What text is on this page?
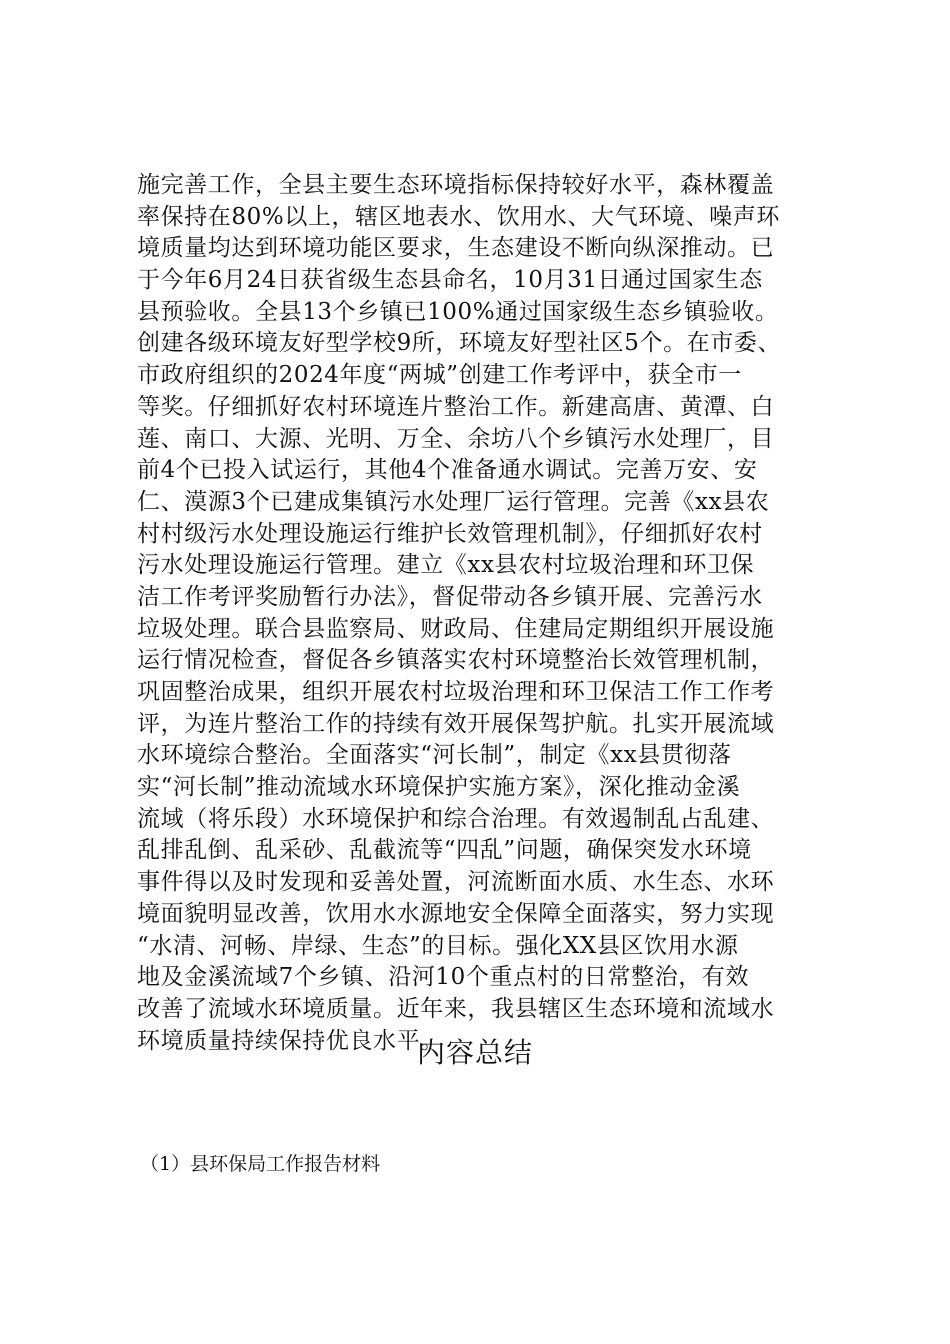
施完善工作，全县主要生态环境指标保持较好水平，森林覆盖
率保持在80%以上，辖区地表水、饮用水、大气环境、噪声环
境质量均达到环境功能区要求，生态建设不断向纵深推动。已
于今年6月24日获省级生态县命名，10月31日通过国家生态
县预验收。全县13个乡镇已100%通过国家级生态乡镇验收。
创建各级环境友好型学校9所，环境友好型社区5个。在市委、
市政府组织的2024年度“两城”创建工作考评中，获全市一
等奖。仔细抓好农村环境连片整治工作。新建高唐、黄潭、白
莲、南口、大源、光明、万全、余坊八个乡镇污水处理厂，目
前4个已投入试运行，其他4个准备通水调试。完善万安、安
仁、漠源3个已建成集镇污水处理厂运行管理。完善《xx县农
村村级污水处理设施运行维护长效管理机制》，仔细抓好农村
污水处理设施运行管理。建立《xx县农村垃圾治理和环卫保
洁工作考评奖励暂行办法》，督促带动各乡镇开展、完善污水
垃圾处理。联合县监察局、财政局、住建局定期组织开展设施
运行情况检查，督促各乡镇落实农村环境整治长效管理机制，
巩固整治成果，组织开展农村垃圾治理和环卫保洁工作工作考
评，为连片整治工作的持续有效开展保驾护航。扎实开展流域
水环境综合整治。全面落实“河长制”，制定《xx县贯彻落
实“河长制”推动流域水环境保护实施方案》，深化推动金溪
流域（将乐段）水环境保护和综合治理。有效遏制乱占乱建、
乱排乱倒、乱采砂、乱截流等“四乱”问题，确保突发水环境
事件得以及时发现和妥善处置，河流断面水质、水生态、水环
境面貌明显改善，饮用水水源地安全保障全面落实，努力实现
“水清、河畅、岸绿、生态”的目标。强化XX县区饮用水源
地及金溪流域7个乡镇、沿河10个重点村的日常整治，有效
改善了流域水环境质量。近年来，我县辖区生态环境和流域水
环境质量持续保持优良水平。
内容总结
（1）县环保局工作报告材料
